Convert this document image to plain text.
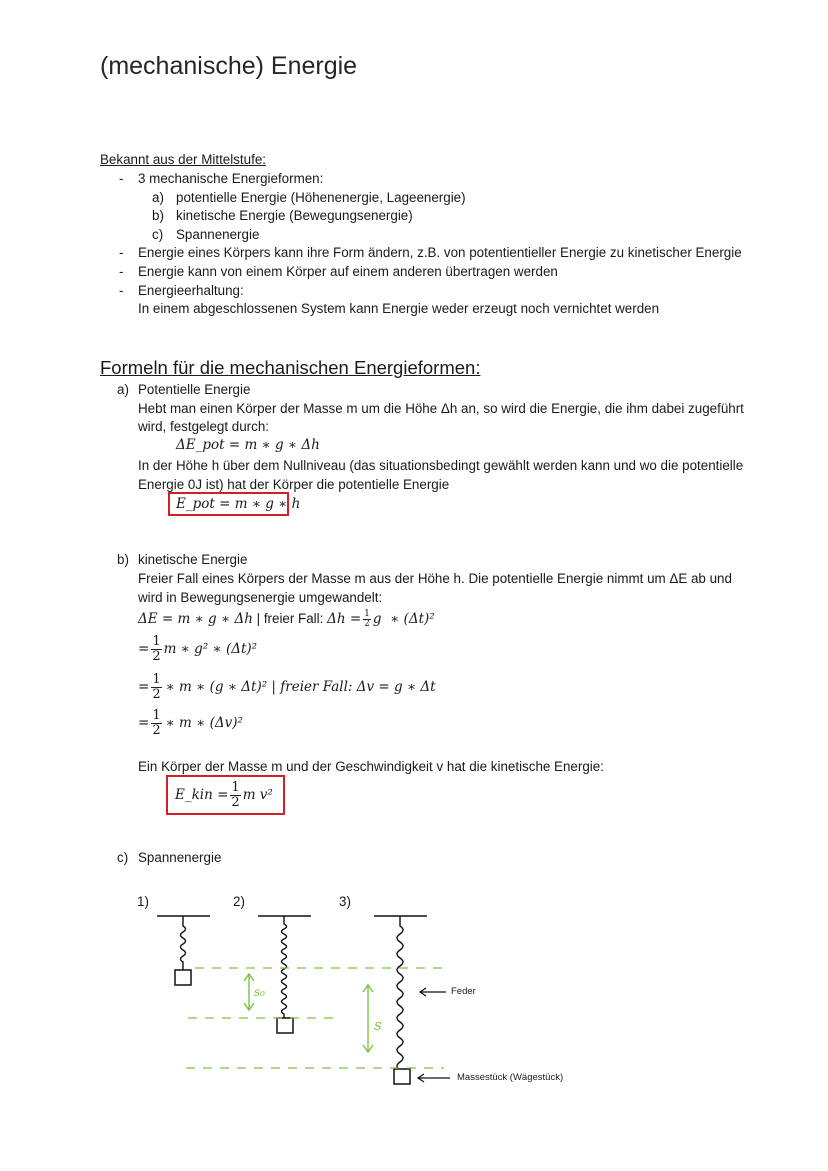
(mechanische) Energie
Bekannt aus der Mittelstufe:
- 3 mechanische Energieformen:
a) potentielle Energie (Höhenenergie, Lageenergie)
b) kinetische Energie (Bewegungsenergie)
c) Spannenergie
- Energie eines Körpers kann ihre Form ändern, z.B. von potentientieller Energie zu kinetischer Energie
- Energie kann von einem Körper auf einem anderen übertragen werden
- Energieerhaltung:
In einem abgeschlossenen System kann Energie weder erzeugt noch vernichtet werden
Formeln für die mechanischen Energieformen:
a) Potentielle Energie
Hebt man einen Körper der Masse m um die Höhe Δh an, so wird die Energie, die ihm dabei zugeführt
wird, festgelegt durch:
ΔE_pot = m ∗ g ∗ Δh
In der Höhe h über dem Nullniveau (das situationsbedingt gewählt werden kann und wo die potentielle
Energie 0J ist) hat der Körper die potentielle Energie
E_pot = m ∗ g ∗ h
b) kinetische Energie
Freier Fall eines Körpers der Masse m aus der Höhe h. Die potentielle Energie nimmt um ΔE ab und
wird in Bewegungsenergie umgewandelt:
ΔE = m ∗ g ∗ Δh | freier Fall: $\Delta h = \frac{1}{2}$ g  ∗ (Δt)²
= $\frac{1}{2}$ m ∗ g² ∗ (Δt)²
= $\frac{1}{2}$ ∗ m ∗ (g ∗ Δt)² | freier Fall: Δv = g ∗ Δt
= $\frac{1}{2}$ ∗ m ∗ (Δv)²
Ein Körper der Masse m und der Geschwindigkeit v hat die kinetische Energie:
E_kin = $\frac{1}{2}$ m v²
c) Spannenergie
1)	2)	3)
s₀
s
Feder
Massestück (Wägestück)
